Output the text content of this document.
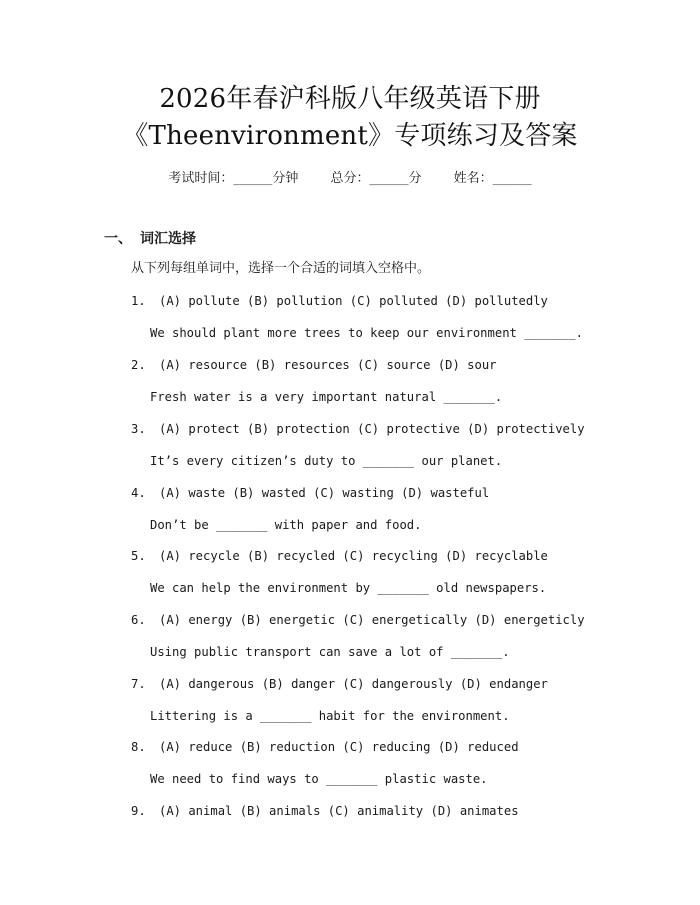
2026年春沪科版八年级英语下册
《Theenvironment》专项练习及答案
考试时间：______分钟 总分：______分 姓名：______
一、 词汇选择
从下列每组单词中，选择一个合适的词填入空格中。
1. (A) pollute (B) pollution (C) polluted (D) pollutedly
We should plant more trees to keep our environment _______.
2. (A) resource (B) resources (C) source (D) sour
Fresh water is a very important natural _______.
3. (A) protect (B) protection (C) protective (D) protectively
It’s every citizen’s duty to _______ our planet.
4. (A) waste (B) wasted (C) wasting (D) wasteful
Don’t be _______ with paper and food.
5. (A) recycle (B) recycled (C) recycling (D) recyclable
We can help the environment by _______ old newspapers.
6. (A) energy (B) energetic (C) energetically (D) energeticly
Using public transport can save a lot of _______.
7. (A) dangerous (B) danger (C) dangerously (D) endanger
Littering is a _______ habit for the environment.
8. (A) reduce (B) reduction (C) reducing (D) reduced
We need to find ways to _______ plastic waste.
9. (A) animal (B) animals (C) animality (D) animates
